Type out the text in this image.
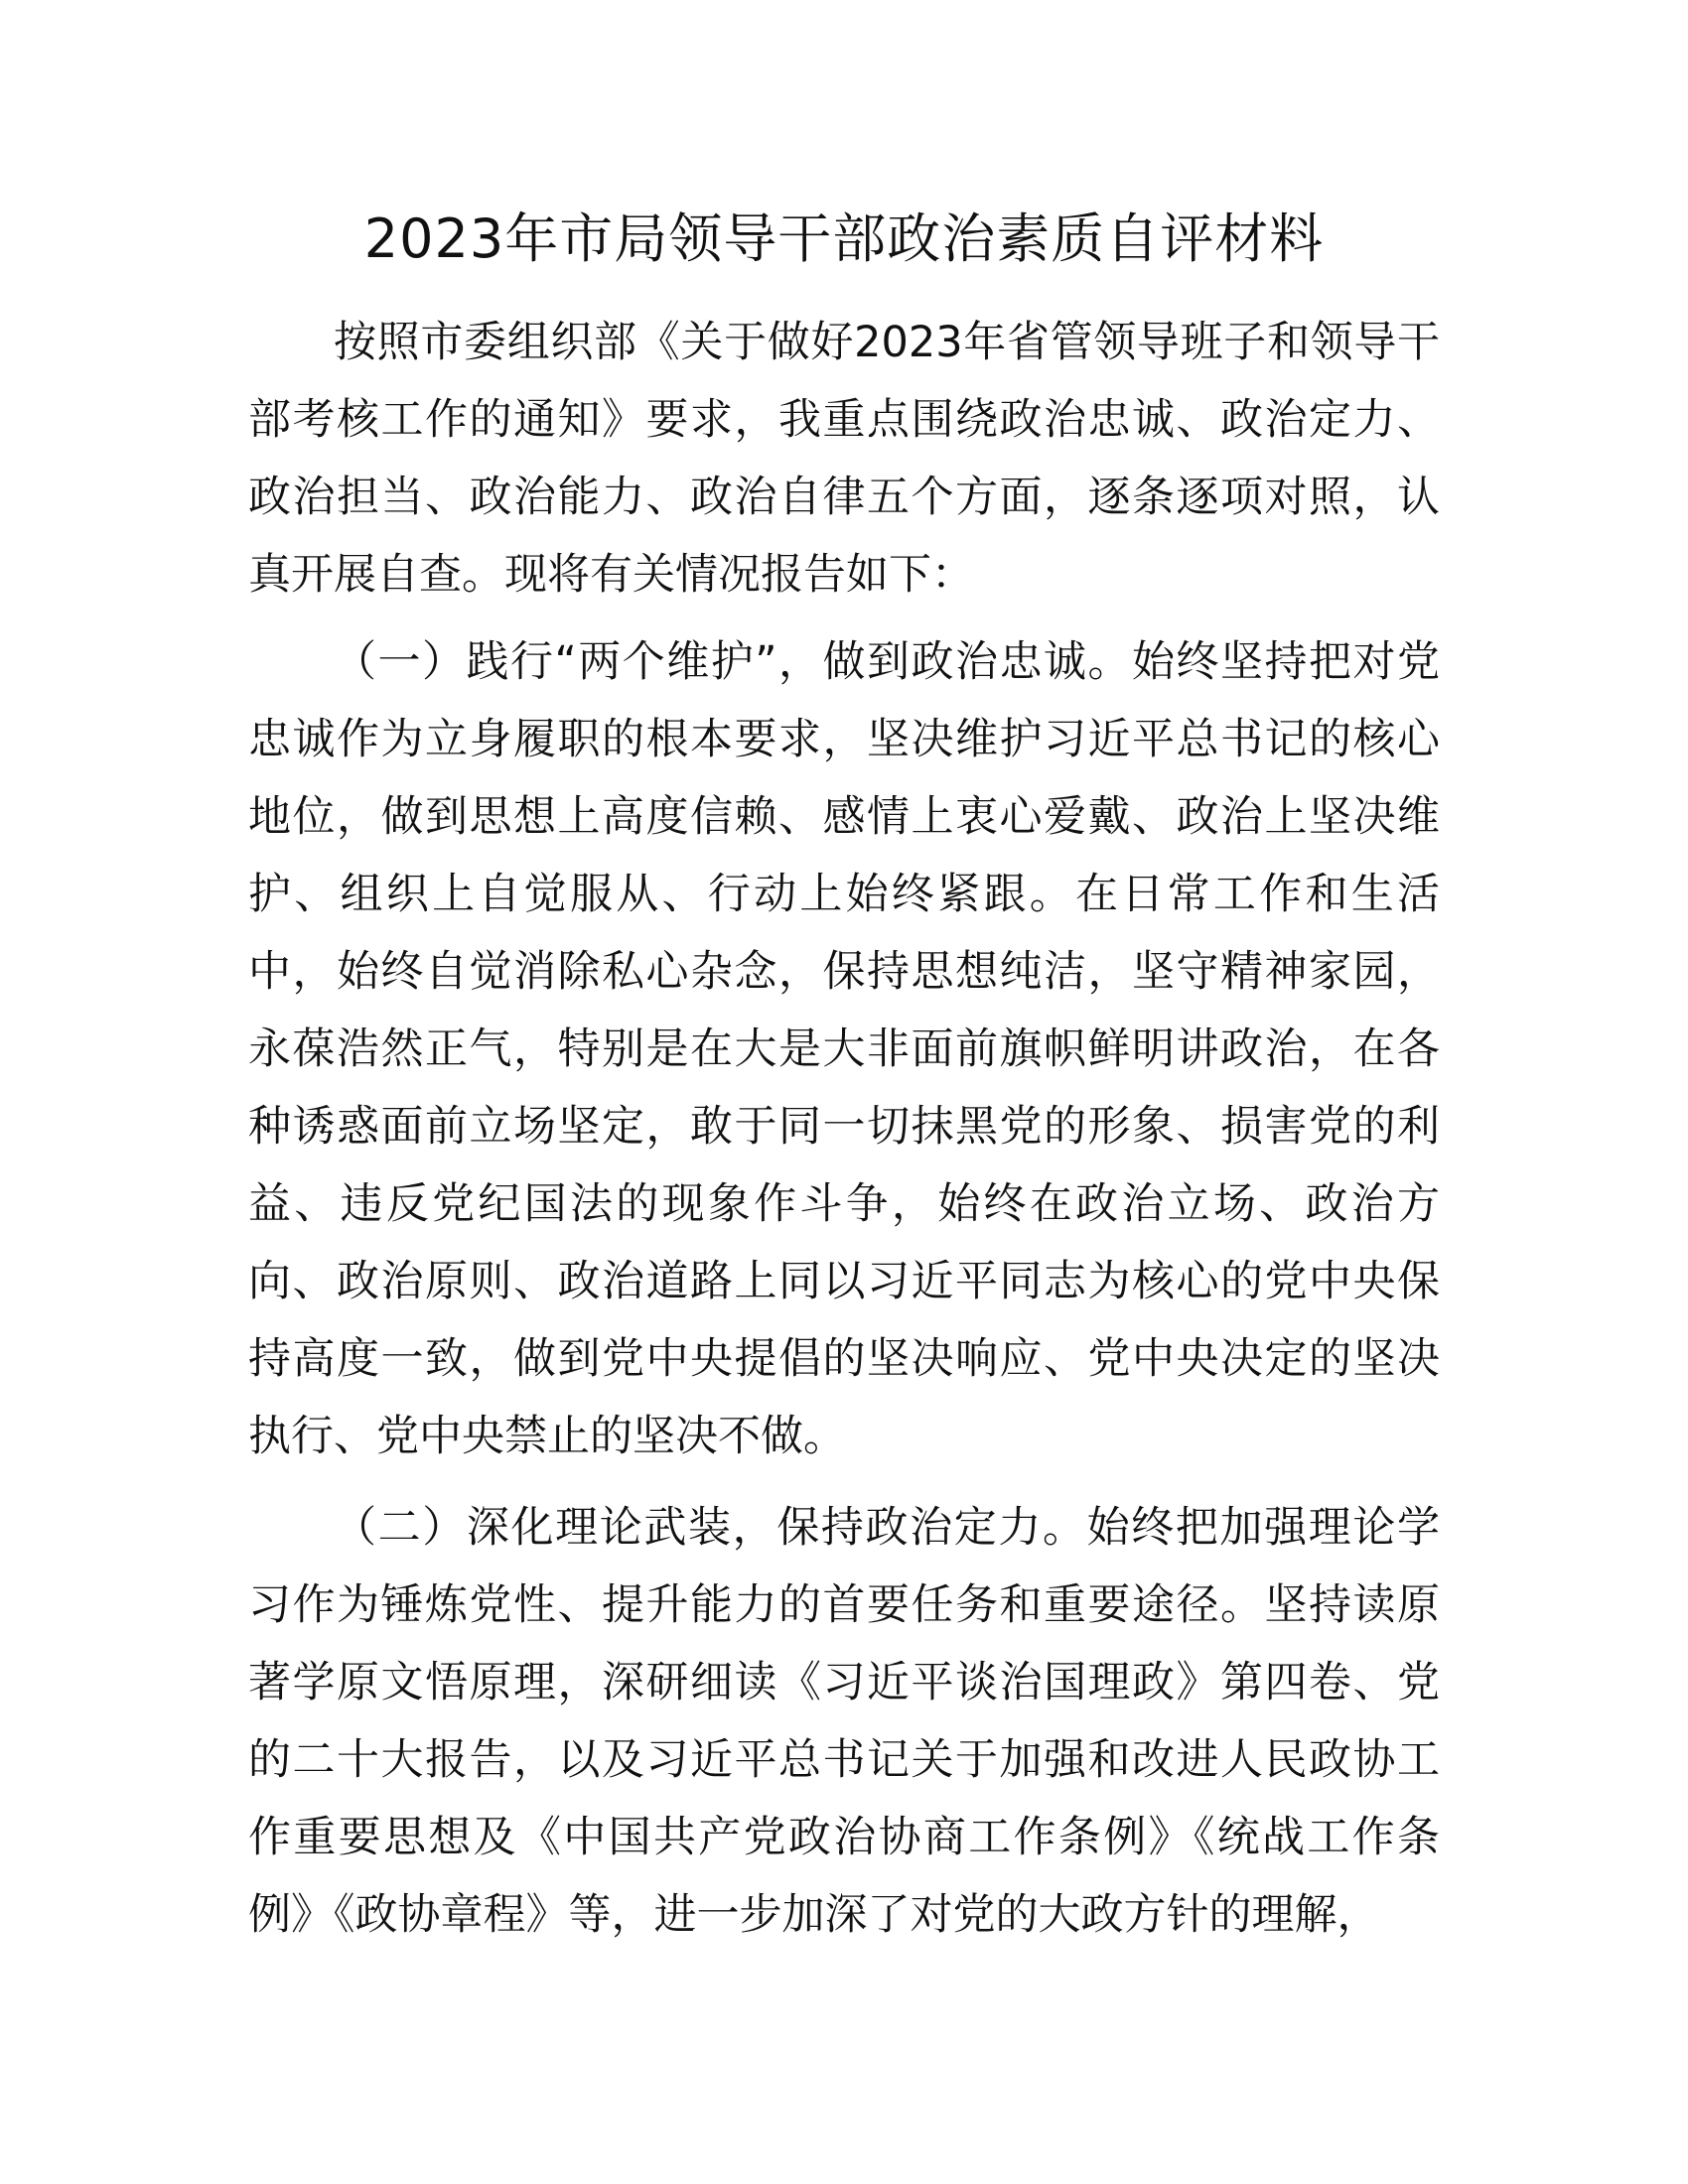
2023年市局领导干部政治素质自评材料

按照市委组织部《关于做好2023年省管领导班子和领导干部考核工作的通知》要求，我重点围绕政治忠诚、政治定力、政治担当、政治能力、政治自律五个方面，逐条逐项对照，认真开展自查。现将有关情况报告如下：

（一）践行“两个维护”，做到政治忠诚。始终坚持把对党忠诚作为立身履职的根本要求，坚决维护习近平总书记的核心地位，做到思想上高度信赖、感情上衷心爱戴、政治上坚决维护、组织上自觉服从、行动上始终紧跟。在日常工作和生活中，始终自觉消除私心杂念，保持思想纯洁，坚守精神家园，永葆浩然正气，特别是在大是大非面前旗帜鲜明讲政治，在各种诱惑面前立场坚定，敢于同一切抹黑党的形象、损害党的利益、违反党纪国法的现象作斗争，始终在政治立场、政治方向、政治原则、政治道路上同以习近平同志为核心的党中央保持高度一致，做到党中央提倡的坚决响应、党中央决定的坚决执行、党中央禁止的坚决不做。

（二）深化理论武装，保持政治定力。始终把加强理论学习作为锤炼党性、提升能力的首要任务和重要途径。坚持读原著学原文悟原理，深研细读《习近平谈治国理政》第四卷、党的二十大报告，以及习近平总书记关于加强和改进人民政协工作重要思想及《中国共产党政治协商工作条例》《统战工作条例》《政协章程》等，进一步加深了对党的大政方针的理解，
